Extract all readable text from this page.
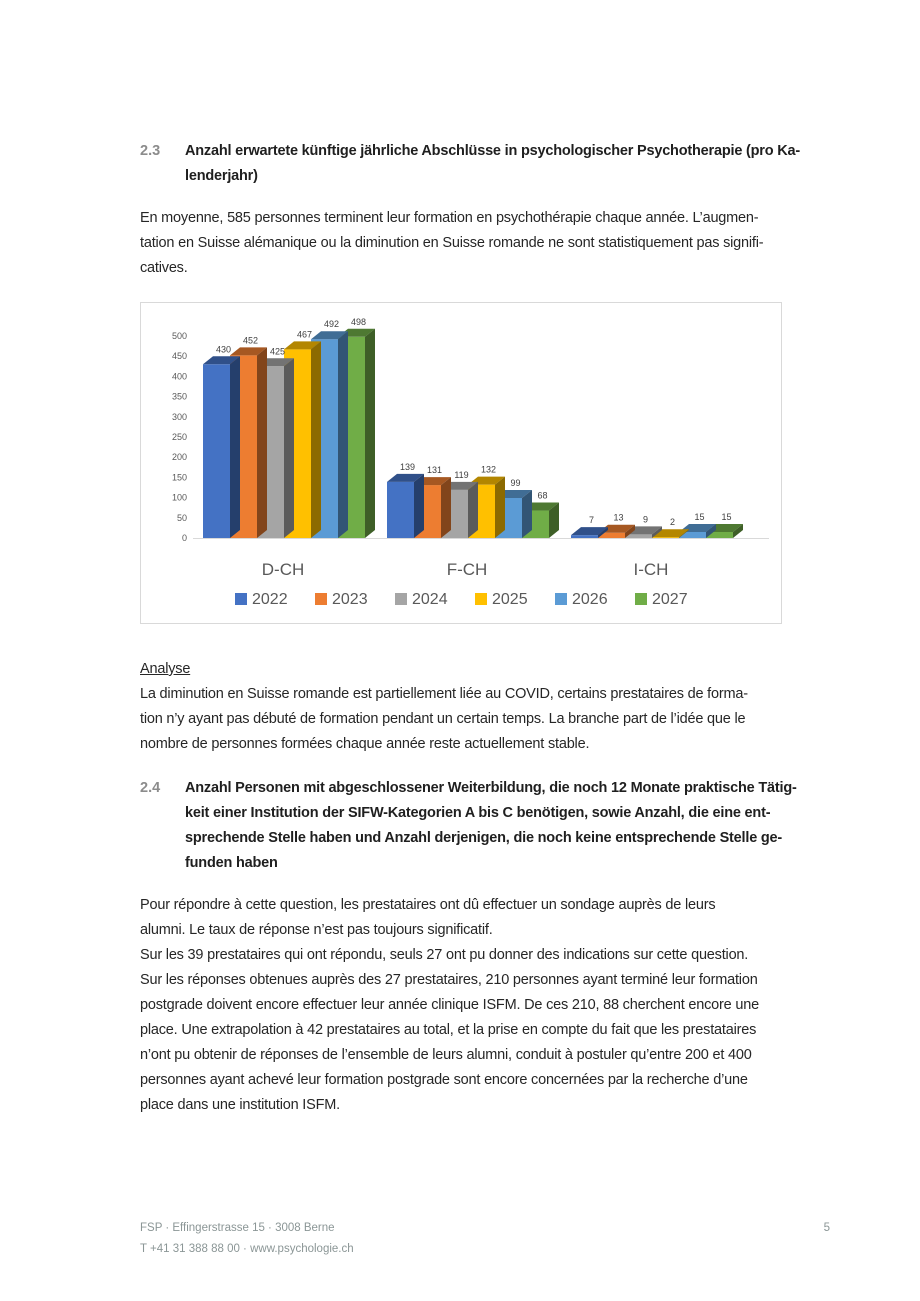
2.3	Anzahl erwartete künftige jährliche Abschlüsse in psychologischer Psychotherapie (pro Ka-
lenderjahr)
En moyenne, 585 personnes terminent leur formation en psychothérapie chaque année. L’augmen-
tation en Suisse alémanique ou la diminution en Suisse romande ne sont statistiquement pas signifi-
catives.
0
50
100
150
200
250
300
350
400
450
500
498
492
467
425
452
430
D-CH
68
99
132
119
131
139
F-CH
15
15
2
9
13
7
I-CH
2022	2023	2024	2025	2026	2027
Analyse
La diminution en Suisse romande est partiellement liée au COVID, certains prestataires de forma-
tion n’y ayant pas débuté de formation pendant un certain temps. La branche part de l’idée que le
nombre de personnes formées chaque année reste actuellement stable.
2.4	Anzahl Personen mit abgeschlossener Weiterbildung, die noch 12 Monate praktische Tätig-
keit einer Institution der SIFW-Kategorien A bis C benötigen, sowie Anzahl, die eine ent-
sprechende Stelle haben und Anzahl derjenigen, die noch keine entsprechende Stelle ge-
funden haben
Pour répondre à cette question, les prestataires ont dû effectuer un sondage auprès de leurs
alumni. Le taux de réponse n’est pas toujours significatif.
Sur les 39 prestataires qui ont répondu, seuls 27 ont pu donner des indications sur cette question.
Sur les réponses obtenues auprès des 27 prestataires, 210 personnes ayant terminé leur formation
postgrade doivent encore effectuer leur année clinique ISFM. De ces 210, 88 cherchent encore une
place. Une extrapolation à 42 prestataires au total, et la prise en compte du fait que les prestataires
n’ont pu obtenir de réponses de l’ensemble de leurs alumni, conduit à postuler qu’entre 200 et 400
personnes ayant achevé leur formation postgrade sont encore concernées par la recherche d’une
place dans une institution ISFM.
FSP · Effingerstrasse 15 · 3008 Berne
T +41 31 388 88 00 · www.psychologie.ch
5
